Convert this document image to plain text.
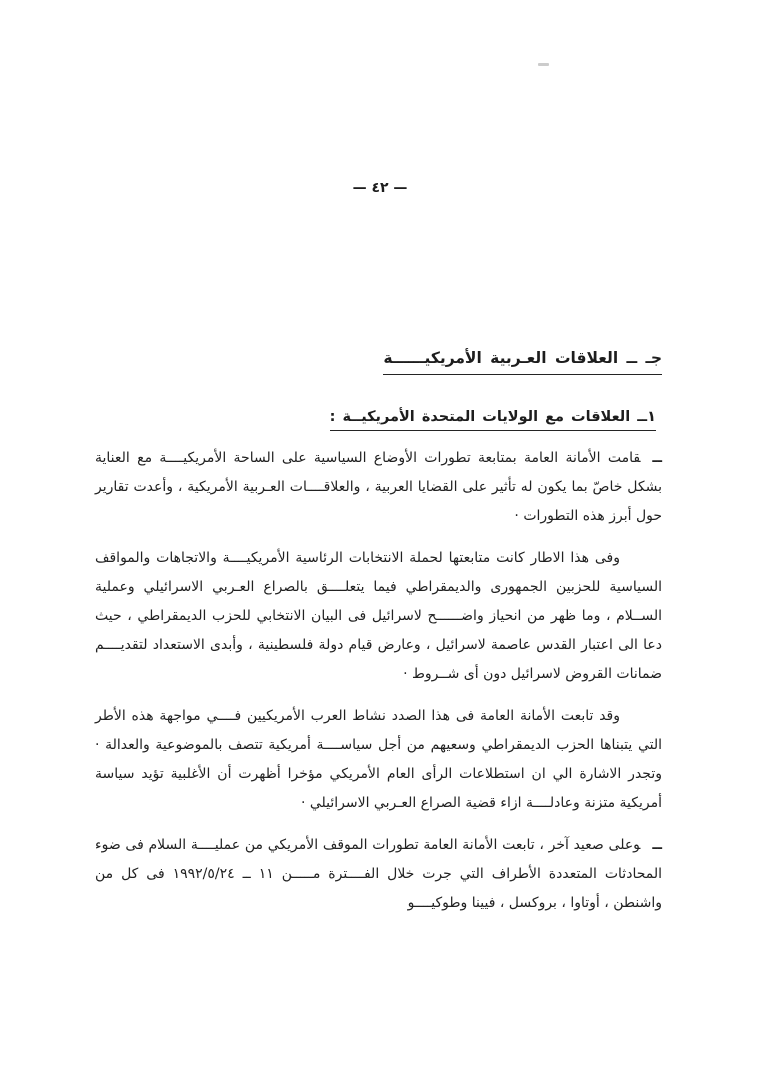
— ٤٢ —
جـ ــ العلاقات العـربية الأمريكيــــــة
١ــ العلاقات مع الولايات المتحدة الأمريكيــة :

ــقامت الأمانة العامة بمتابعة تطورات الأوضاع السياسية على الساحة الأمريكيــــة مع العناية بشكل خاصّ بما يكون له تأثير على القضايا العربية ، والعلاقــــات العـربية الأمريكية ، وأعدت تقارير حول أبرز هذه التطورات ·

وفى هذا الاطار كانت متابعتها لحملة الانتخابات الرئاسية الأمريكيــــة والاتجاهات والمواقف السياسية للحزبين الجمهورى والديمقراطي فيما يتعلــــق بالصراع العـربي الاسرائيلي وعملية الســلام ، وما ظهر من انحياز واضــــــح لاسرائيل فى البيان الانتخابي للحزب الديمقراطي ، حيث دعا الى اعتبار القدس عاصمة لاسرائيل ، وعارض قيام دولة فلسطينية ، وأبدى الاستعداد لتقديــــم ضمانات القروض لاسرائيل دون أى شــروط ·

وقد تابعت الأمانة العامة فى هذا الصدد نشاط العرب الأمريكيين فــــي مواجهة هذه الأطر التي يتبناها الحزب الديمقراطي وسعيهم من أجل سياســــة أمريكية تتصف بالموضوعية والعدالة · وتجدر الاشارة الي ان استطلاعات الرأى العام الأمريكي مؤخرا أظهرت أن الأغلبية تؤيد سياسة أمريكية متزنة وعادلــــة ازاء قضية الصراع العـربي الاسرائيلي ·

ــوعلى صعيد آخر ، تابعت الأمانة العامة تطورات الموقف الأمريكي من عمليــــة السلام فى ضوء المحادثات المتعددة الأطراف التي جرت خلال الفــــترة مـــــن ١١ ــ ١٩٩٢/٥/٢٤ فى كل من واشنطن ، أوتاوا ، بروكسل ، فيينا وطوكيــــو
